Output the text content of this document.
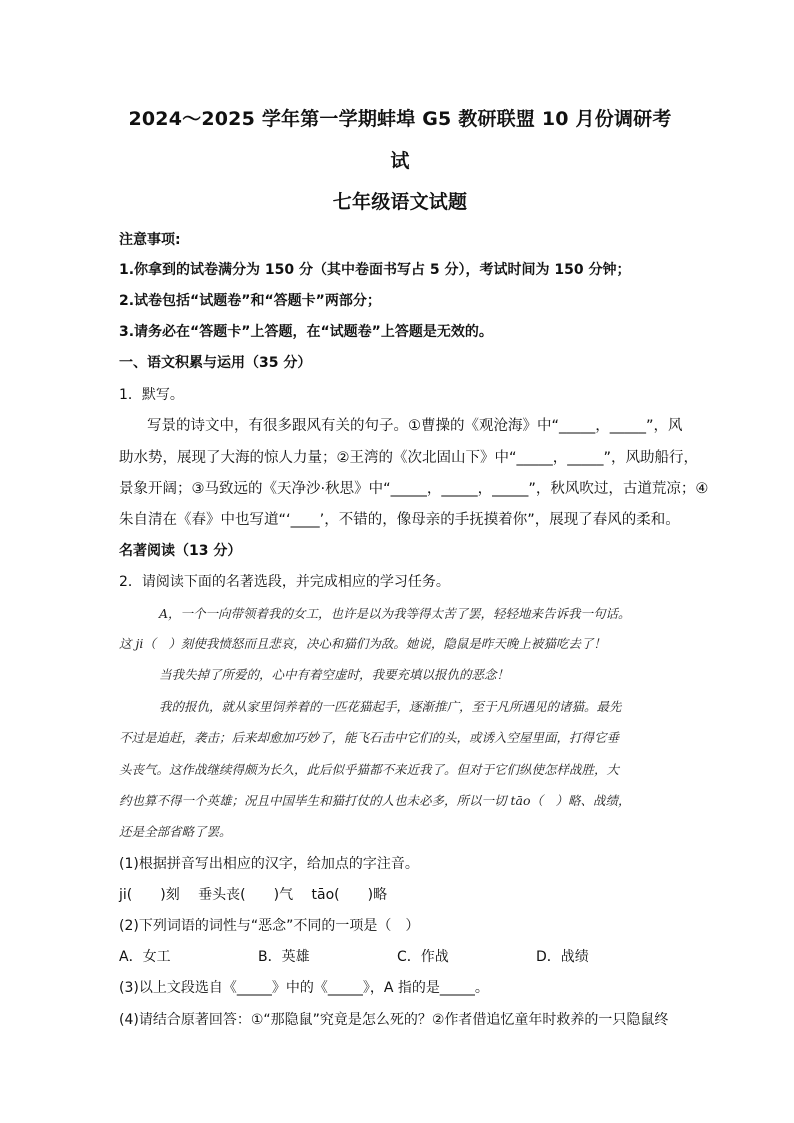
2024～2025 学年第一学期蚌埠 G5 教研联盟 10 月份调研考
试
七年级语文试题
注意事项:
1.你拿到的试卷满分为 150 分（其中卷面书写占 5 分），考试时间为 150 分钟；
2.试卷包括“试题卷”和“答题卡”两部分；
3.请务必在“答题卡”上答题，在“试题卷”上答题是无效的。
一、语文积累与运用（35 分）
1．默写。
写景的诗文中，有很多跟风有关的句子。①曹操的《观沧海》中“_____，_____”，风
助水势，展现了大海的惊人力量；②王湾的《次北固山下》中“_____，_____”，风助船行，
景象开阔；③马致远的《天净沙·秋思》中“_____，_____，_____”，秋风吹过，古道荒凉；④
朱自清在《春》中也写道“‘____’，不错的，像母亲的手抚摸着你”，展现了春风的柔和。
名著阅读（13 分）
2．请阅读下面的名著选段，并完成相应的学习任务。
A，一个一向带领着我的女工，也许是以为我等得太苦了罢，轻轻地来告诉我一句话。
这 ji（　）刻使我愤怒而且悲哀，决心和猫们为敌。她说，隐鼠是昨天晚上被猫吃去了！
当我失掉了所爱的，心中有着空虚时，我要充填以报仇的恶念！
我的报仇，就从家里饲养着的一匹花猫起手，逐渐推广，至于凡所遇见的诸猫。最先
不过是追赶，袭击；后来却愈加巧妙了，能飞石击中它们的头，或诱入空屋里面，打得它垂
头丧气。这作战继续得颇为长久，此后似乎猫都不来近我了。但对于它们纵使怎样战胜，大
约也算不得一个英雄；况且中国毕生和猫打仗的人也未必多，所以一切 tāo（　）略、战绩，
还是全部省略了罢。
(1)根据拼音写出相应的汉字，给加点的字注音。
ji(　　)刻　 垂头丧(　　)气　 tāo(　　)略
(2)下列词语的词性与“恶念”不同的一项是（　）
A．女工	B．英雄	C．作战	D．战绩
(3)以上文段选自《_____》中的《_____》，A 指的是_____。
(4)请结合原著回答：①“那隐鼠”究竟是怎么死的？②作者借追忆童年时救养的一只隐鼠终
